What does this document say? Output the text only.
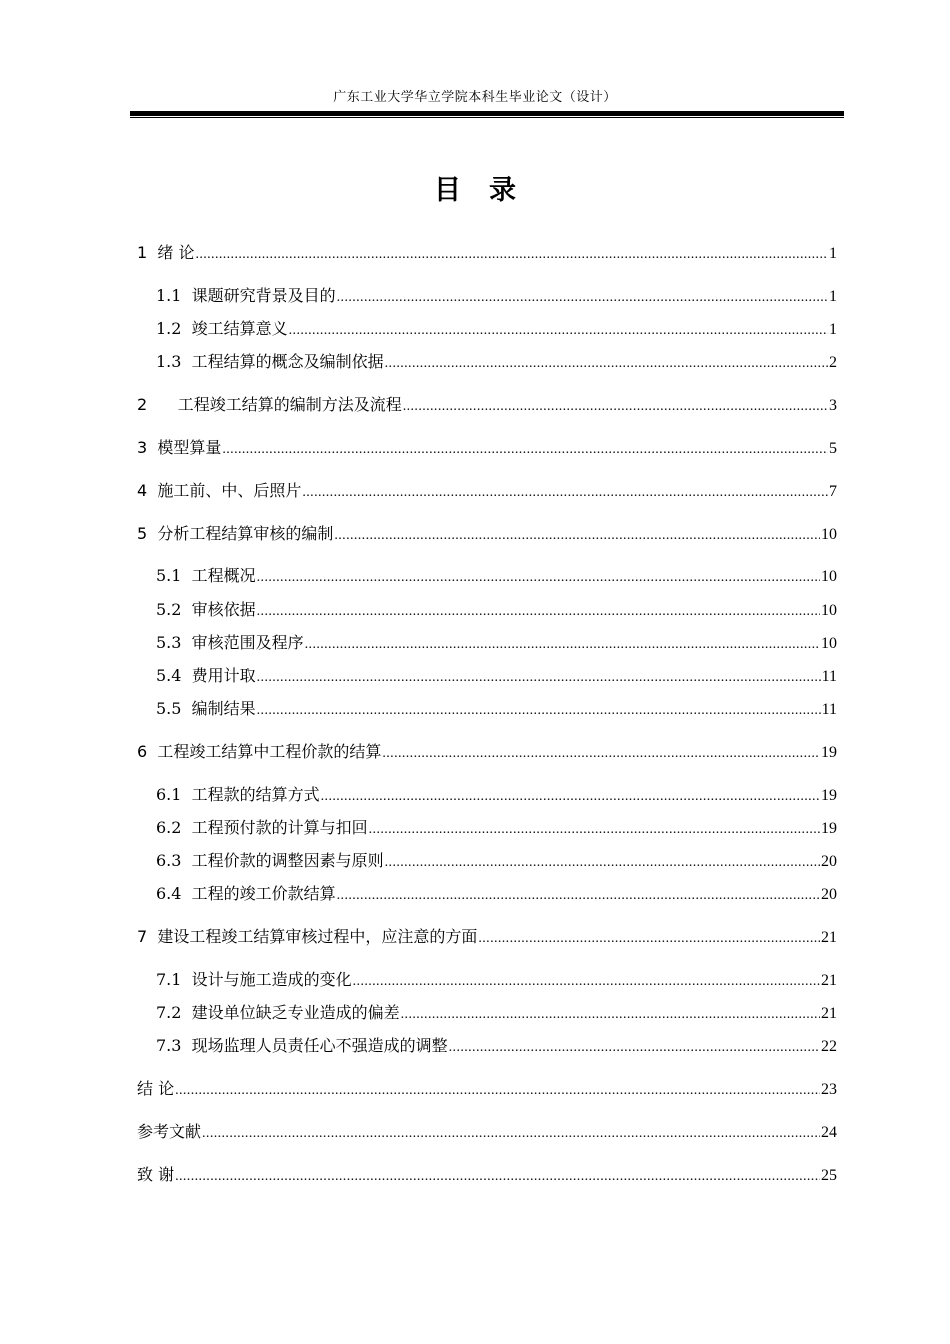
广东工业大学华立学院本科生毕业论文（设计）
目录
1 绪 论 .....	1
1.1 课题研究背景及目的 .....	1
1.2 竣工结算意义 .....	1
1.3 工程结算的概念及编制依据 .....	2
2 工程竣工结算的编制方法及流程 .....	3
3 模型算量 .....	5
4 施工前、中、后照片 .....	7
5 分析工程结算审核的编制 .....	10
5.1 工程概况 .....	10
5.2 审核依据 .....	10
5.3 审核范围及程序 .....	10
5.4 费用计取 .....	11
5.5 编制结果 .....	11
6 工程竣工结算中工程价款的结算 .....	19
6.1 工程款的结算方式 .....	19
6.2 工程预付款的计算与扣回 .....	19
6.3 工程价款的调整因素与原则 .....	20
6.4 工程的竣工价款结算 .....	20
7 建设工程竣工结算审核过程中，应注意的方面 .....	21
7.1 设计与施工造成的变化 .....	21
7.2 建设单位缺乏专业造成的偏差 .....	21
7.3 现场监理人员责任心不强造成的调整 .....	22
结 论 .....	23
参考文献 .....	24
致 谢 .....	25
